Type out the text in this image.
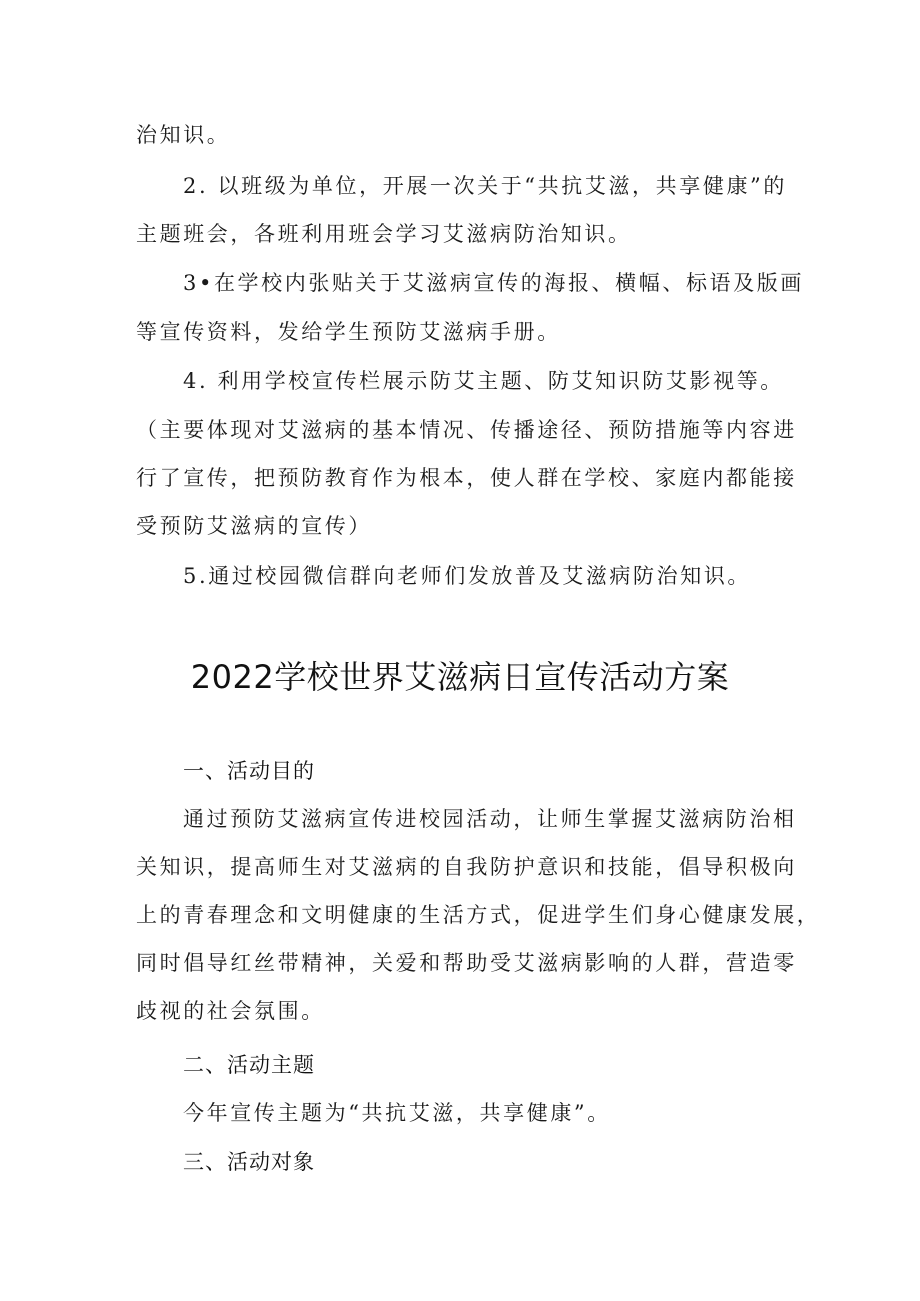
治知识。
2. 以班级为单位，开展一次关于“共抗艾滋，共享健康”的
主题班会，各班利用班会学习艾滋病防治知识。
3•在学校内张贴关于艾滋病宣传的海报、横幅、标语及版画
等宣传资料，发给学生预防艾滋病手册。
4. 利用学校宣传栏展示防艾主题、防艾知识防艾影视等。
（主要体现对艾滋病的基本情况、传播途径、预防措施等内容进
行了宣传，把预防教育作为根本，使人群在学校、家庭内都能接
受预防艾滋病的宣传）
5.通过校园微信群向老师们发放普及艾滋病防治知识。
2022学校世界艾滋病日宣传活动方案
一、活动目的
通过预防艾滋病宣传进校园活动，让师生掌握艾滋病防治相
关知识，提高师生对艾滋病的自我防护意识和技能，倡导积极向
上的青春理念和文明健康的生活方式，促进学生们身心健康发展，
同时倡导红丝带精神，关爱和帮助受艾滋病影响的人群，营造零
歧视的社会氛围。
二、活动主题
今年宣传主题为“共抗艾滋，共享健康”。
三、活动对象
